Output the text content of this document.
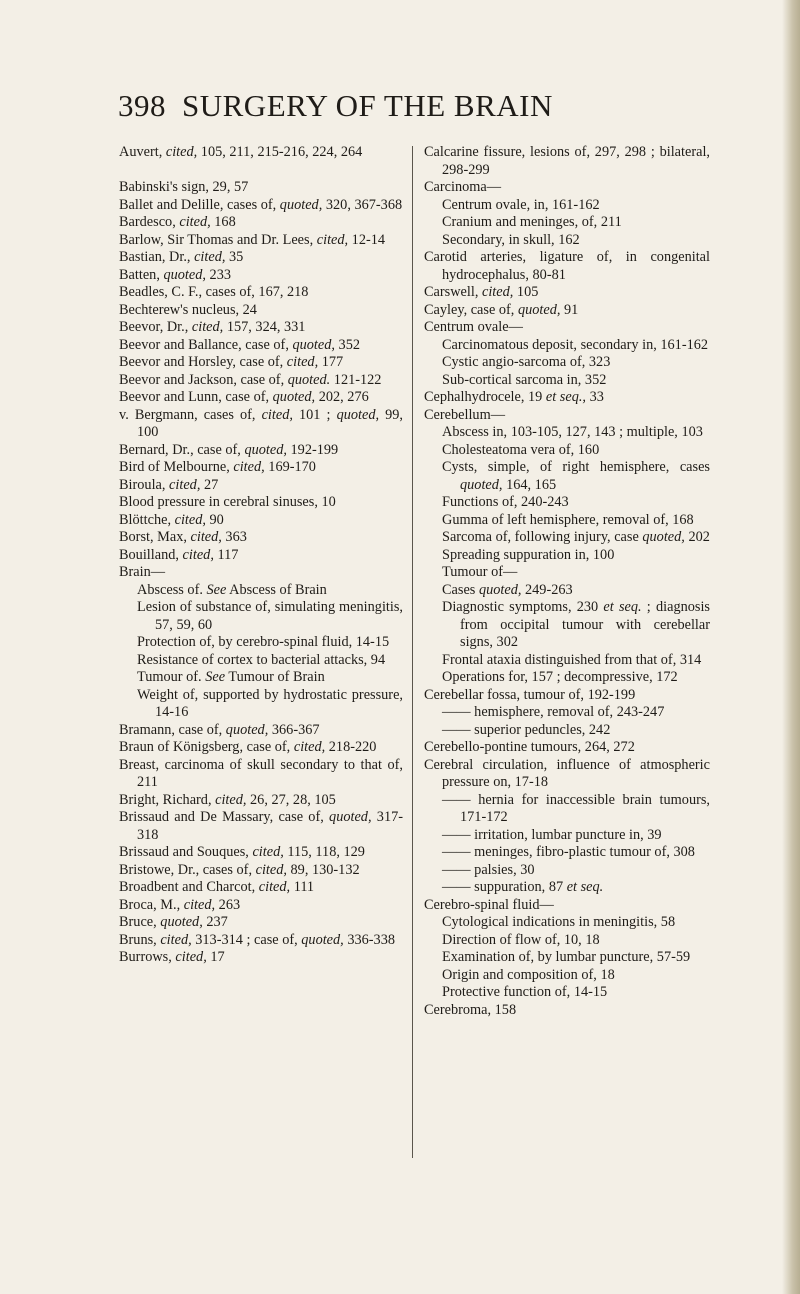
398 SURGERY OF THE BRAIN

Auvert, cited, 105, 211, 215-216, 224, 264

Babinski's sign, 29, 57

Ballet and Delille, cases of, quoted, 320, 367-368

Bardesco, cited, 168

Barlow, Sir Thomas and Dr. Lees, cited, 12-14

Bastian, Dr., cited, 35

Batten, quoted, 233

Beadles, C. F., cases of, 167, 218

Bechterew's nucleus, 24

Beevor, Dr., cited, 157, 324, 331

Beevor and Ballance, case of, quoted, 352

Beevor and Horsley, case of, cited, 177

Beevor and Jackson, case of, quoted. 121-122

Beevor and Lunn, case of, quoted, 202, 276

v. Bergmann, cases of, cited, 101 ; quoted, 99, 100

Bernard, Dr., case of, quoted, 192-199

Bird of Melbourne, cited, 169-170

Biroula, cited, 27

Blood pressure in cerebral sinuses, 10

Blöttche, cited, 90

Borst, Max, cited, 363

Bouilland, cited, 117

Brain—

Abscess of. See Abscess of Brain

Lesion of substance of, simulating meningitis, 57, 59, 60

Protection of, by cerebro-spinal fluid, 14-15

Resistance of cortex to bacterial attacks, 94

Tumour of. See Tumour of Brain

Weight of, supported by hydrostatic pressure, 14-16

Bramann, case of, quoted, 366-367

Braun of Königsberg, case of, cited, 218-220

Breast, carcinoma of skull secondary to that of, 211

Bright, Richard, cited, 26, 27, 28, 105

Brissaud and De Massary, case of, quoted, 317-318

Brissaud and Souques, cited, 115, 118, 129

Bristowe, Dr., cases of, cited, 89, 130-132

Broadbent and Charcot, cited, 111

Broca, M., cited, 263

Bruce, quoted, 237

Bruns, cited, 313-314 ; case of, quoted, 336-338

Burrows, cited, 17

Calcarine fissure, lesions of, 297, 298 ; bilateral, 298-299

Carcinoma—

Centrum ovale, in, 161-162

Cranium and meninges, of, 211

Secondary, in skull, 162

Carotid arteries, ligature of, in congenital hydrocephalus, 80-81

Carswell, cited, 105

Cayley, case of, quoted, 91

Centrum ovale—

Carcinomatous deposit, secondary in, 161-162

Cystic angio-sarcoma of, 323

Sub-cortical sarcoma in, 352

Cephalhydrocele, 19 et seq., 33

Cerebellum—

Abscess in, 103-105, 127, 143 ; multiple, 103

Cholesteatoma vera of, 160

Cysts, simple, of right hemisphere, cases quoted, 164, 165

Functions of, 240-243

Gumma of left hemisphere, removal of, 168

Sarcoma of, following injury, case quoted, 202

Spreading suppuration in, 100

Tumour of—

Cases quoted, 249-263

Diagnostic symptoms, 230 et seq. ; diagnosis from occipital tumour with cerebellar signs, 302

Frontal ataxia distinguished from that of, 314

Operations for, 157 ; decompressive, 172

Cerebellar fossa, tumour of, 192-199

—— hemisphere, removal of, 243-247

—— superior peduncles, 242

Cerebello-pontine tumours, 264, 272

Cerebral circulation, influence of atmospheric pressure on, 17-18

—— hernia for inaccessible brain tumours, 171-172

—— irritation, lumbar puncture in, 39

—— meninges, fibro-plastic tumour of, 308

—— palsies, 30

—— suppuration, 87 et seq.

Cerebro-spinal fluid—

Cytological indications in meningitis, 58

Direction of flow of, 10, 18

Examination of, by lumbar puncture, 57-59

Origin and composition of, 18

Protective function of, 14-15

Cerebroma, 158
